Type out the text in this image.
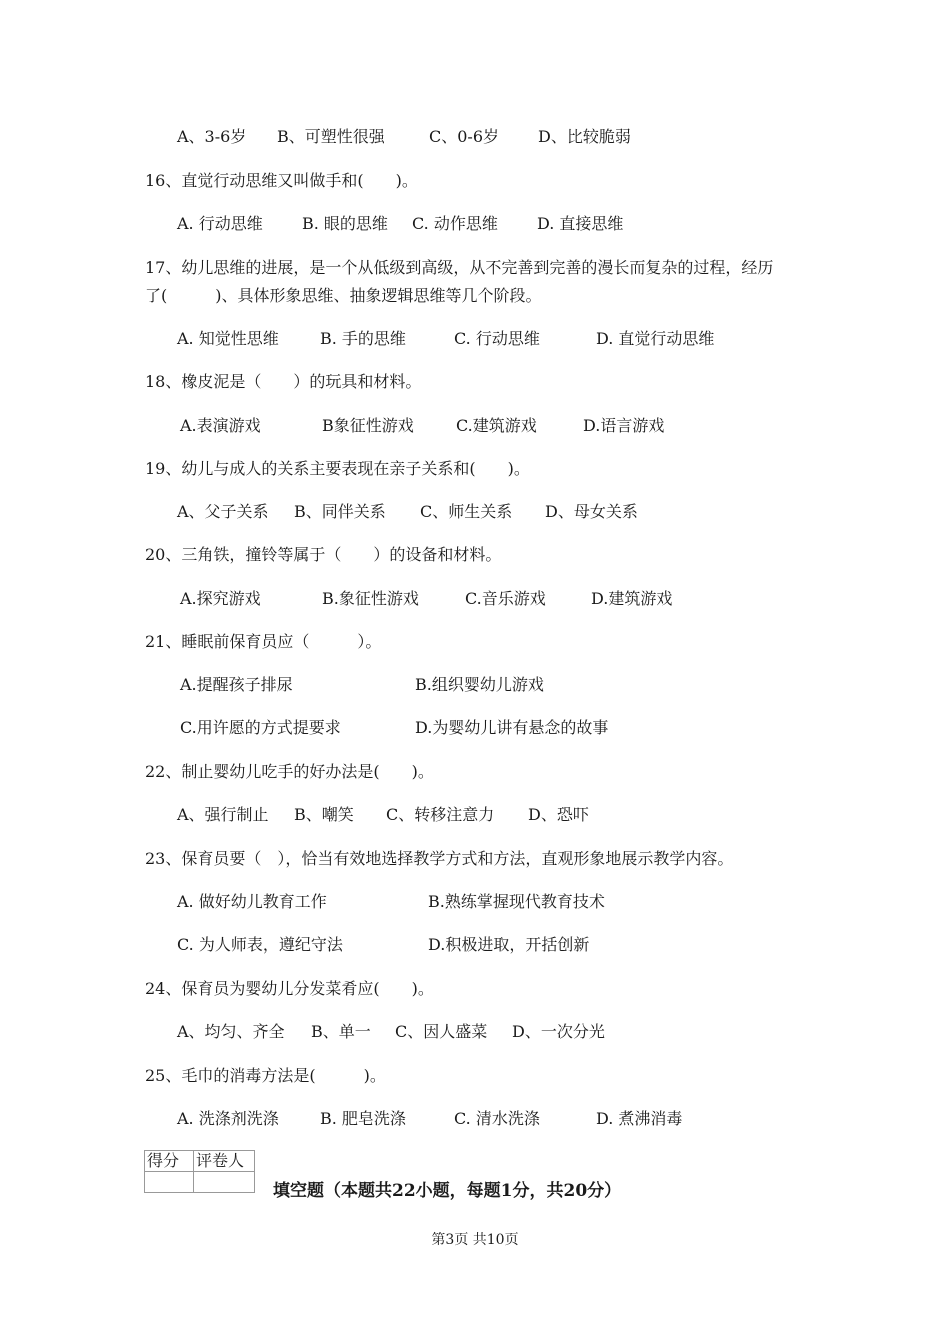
A、3-6岁 B、可塑性很强	C、0-6岁 D、比较脆弱
16、直觉行动思维又叫做手和(　　)。
A. 行动思维 B. 眼的思维 C. 动作思维 D. 直接思维
17、幼儿思维的进展，是一个从低级到高级，从不完善到完善的漫长而复杂的过程，经历
了(　　　)、具体形象思维、抽象逻辑思维等几个阶段。
A. 知觉性思维	B. 手的思维	C. 行动思维	D. 直觉行动思维
18、橡皮泥是（　　）的玩具和材料。
A.表演游戏	B象征性游戏	C.建筑游戏	D.语言游戏
19、幼儿与成人的关系主要表现在亲子关系和(　　)。
A、父子关系 B、同伴关系 C、师生关系 D、母女关系
20、三角铁，撞铃等属于（　　）的设备和材料。
A.探究游戏	B.象征性游戏	C.音乐游戏	D.建筑游戏
21、睡眠前保育员应（　　　）。
A.提醒孩子排尿	B.组织婴幼儿游戏
C.用许愿的方式提要求	D.为婴幼儿讲有悬念的故事
22、制止婴幼儿吃手的好办法是(　　)。
A、强行制止 B、嘲笑 C、转移注意力 D、恐吓
23、保育员要（　），恰当有效地选择教学方式和方法，直观形象地展示教学内容。
A. 做好幼儿教育工作	B.熟练掌握现代教育技术
C. 为人师表，遵纪守法	D.积极进取，开括创新
24、保育员为婴幼儿分发菜肴应(　　)。
A、均匀、齐全 B、单一 C、因人盛菜 D、一次分光
25、毛巾的消毒方法是(　　　)。
A. 洗涤剂洗涤	B. 肥皂洗涤	C. 清水洗涤	D. 煮沸消毒
得分	评卷人

填空题（本题共22小题，每题1分，共20分）
第3页 共10页
